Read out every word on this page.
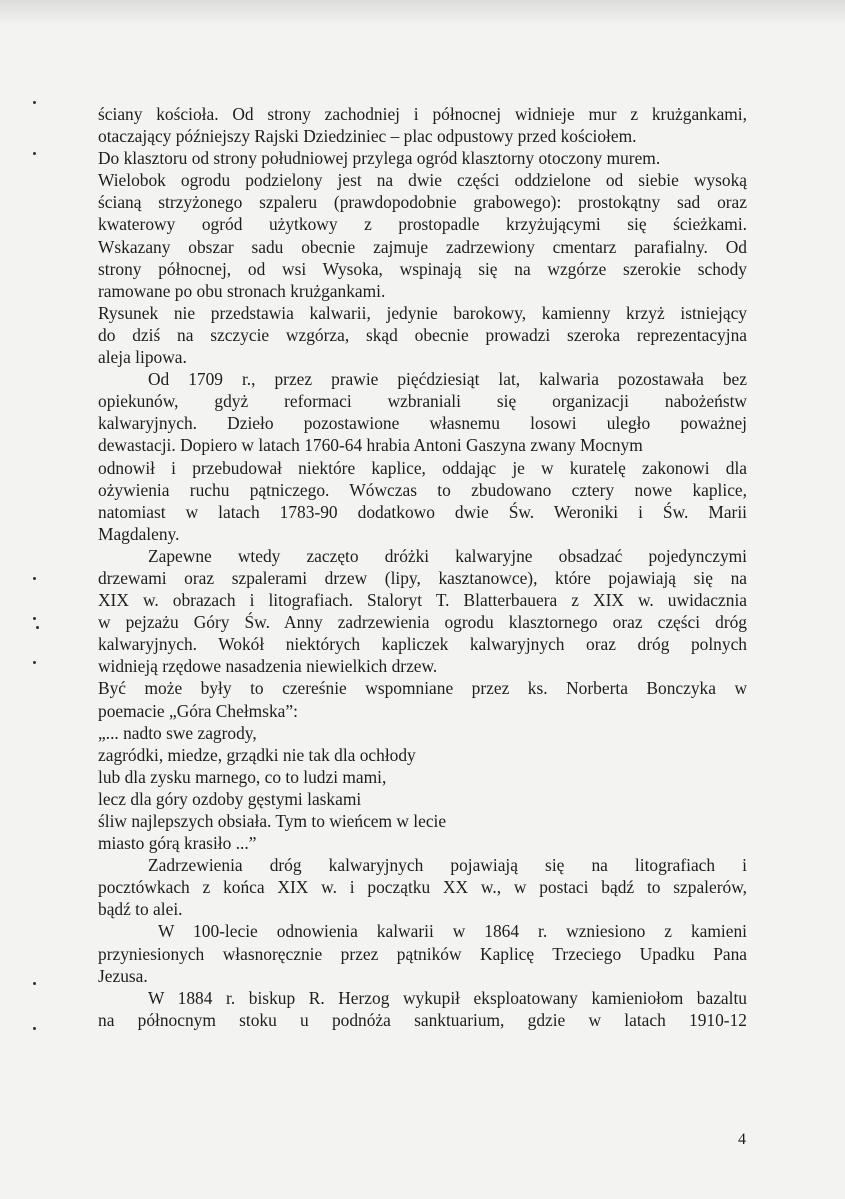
ściany kościoła. Od strony zachodniej i północnej widnieje mur z krużgankami,
otaczający późniejszy Rajski Dziedziniec – plac odpustowy przed kościołem.
Do klasztoru od strony południowej przylega ogród klasztorny otoczony murem.
Wielobok ogrodu podzielony jest na dwie części oddzielone od siebie wysoką
ścianą strzyżonego szpaleru (prawdopodobnie grabowego): prostokątny sad oraz
kwaterowy ogród użytkowy z prostopadle krzyżującymi się ścieżkami.
Wskazany obszar sadu obecnie zajmuje zadrzewiony cmentarz parafialny. Od
strony północnej, od wsi Wysoka, wspinają się na wzgórze szerokie schody
ramowane po obu stronach krużgankami.
Rysunek nie przedstawia kalwarii, jedynie barokowy, kamienny krzyż istniejący
do dziś na szczycie wzgórza, skąd obecnie prowadzi szeroka reprezentacyjna
aleja lipowa.
Od 1709 r., przez prawie pięćdziesiąt lat, kalwaria pozostawała bez
opiekunów, gdyż reformaci wzbraniali się organizacji nabożeństw
kalwaryjnych. Dzieło pozostawione własnemu losowi uległo poważnej
dewastacji. Dopiero w latach 1760-64 hrabia Antoni Gaszyna zwany Mocnym
odnowił i przebudował niektóre kaplice, oddając je w kuratelę zakonowi dla
ożywienia ruchu pątniczego. Wówczas to zbudowano cztery nowe kaplice,
natomiast w latach 1783-90 dodatkowo dwie Św. Weroniki i Św. Marii
Magdaleny.
Zapewne wtedy zaczęto dróżki kalwaryjne obsadzać pojedynczymi
drzewami oraz szpalerami drzew (lipy, kasztanowce), które pojawiają się na
XIX w. obrazach i litografiach. Staloryt T. Blatterbauera z XIX w. uwidacznia
w pejzażu Góry Św. Anny zadrzewienia ogrodu klasztornego oraz części dróg
kalwaryjnych. Wokół niektórych kapliczek kalwaryjnych oraz dróg polnych
widnieją rzędowe nasadzenia niewielkich drzew.
Być może były to czereśnie wspomniane przez ks. Norberta Bonczyka w
poemacie „Góra Chełmska”:
„... nadto swe zagrody,
zagródki, miedze, grządki nie tak dla ochłody
lub dla zysku marnego, co to ludzi mami,
lecz dla góry ozdoby gęstymi laskami
śliw najlepszych obsiała. Tym to wieńcem w lecie
miasto górą krasiło ...”
Zadrzewienia dróg kalwaryjnych pojawiają się na litografiach i
pocztówkach z końca XIX w. i początku XX w., w postaci bądź to szpalerów,
bądź to alei.
W 100-lecie odnowienia kalwarii w 1864 r. wzniesiono z kamieni
przyniesionych własnoręcznie przez pątników Kaplicę Trzeciego Upadku Pana
Jezusa.
W 1884 r. biskup R. Herzog wykupił eksploatowany kamieniołom bazaltu
na północnym stoku u podnóża sanktuarium, gdzie w latach 1910-12
4
